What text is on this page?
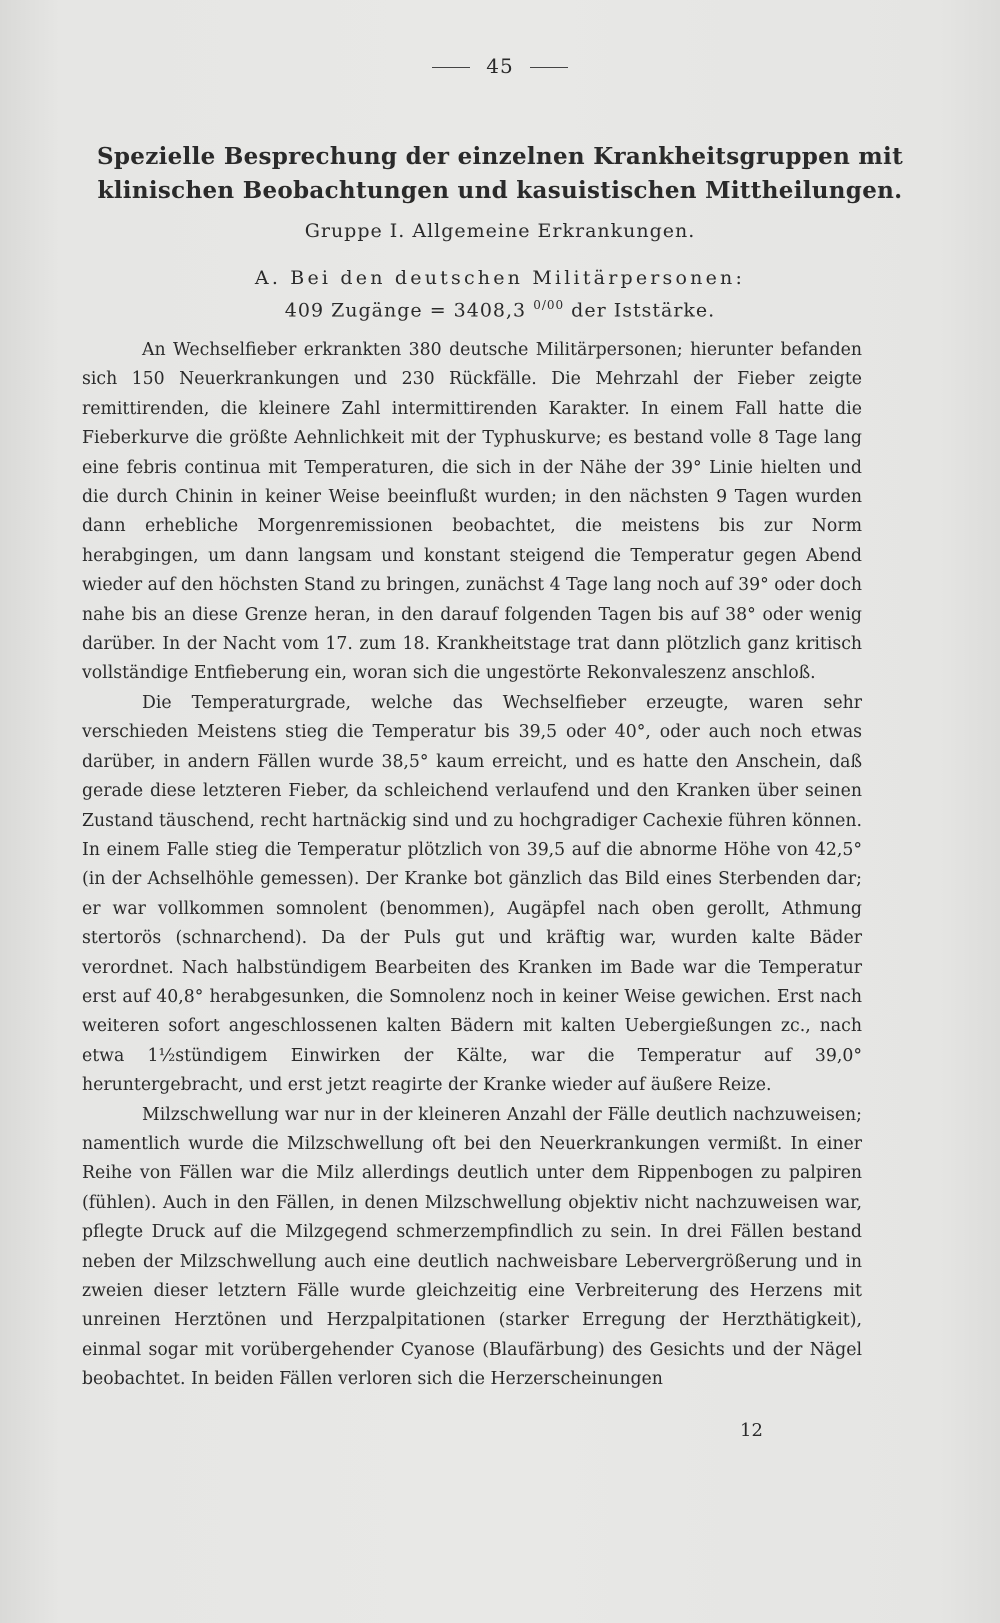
45
Spezielle Besprechung der einzelnen Krankheitsgruppen mit klinischen Beobachtungen und kasuistischen Mittheilungen.
Gruppe I. Allgemeine Erkrankungen.
A. Bei den deutschen Militärpersonen:
409 Zugänge = 3408,3 $^{0/00}$ der Iststärke.

An Wechselfieber erkrankten 380 deutsche Militärpersonen; hierunter befanden sich 150 Neuerkrankungen und 230 Rückfälle. Die Mehrzahl der Fieber zeigte remittirenden, die kleinere Zahl intermittirenden Karakter. In einem Fall hatte die Fieberkurve die größte Aehnlichkeit mit der Typhuskurve; es bestand volle 8 Tage lang eine febris continua mit Temperaturen, die sich in der Nähe der 39° Linie hielten und die durch Chinin in keiner Weise beeinflußt wurden; in den nächsten 9 Tagen wurden dann erhebliche Morgenremissionen beobachtet, die meistens bis zur Norm herabgingen, um dann langsam und konstant steigend die Temperatur gegen Abend wieder auf den höchsten Stand zu bringen, zunächst 4 Tage lang noch auf 39° oder doch nahe bis an diese Grenze heran, in den darauf folgenden Tagen bis auf 38° oder wenig darüber. In der Nacht vom 17. zum 18. Krankheitstage trat dann plötzlich ganz kritisch vollständige Entfieberung ein, woran sich die ungestörte Rekonvaleszenz anschloß.

Die Temperaturgrade, welche das Wechselfieber erzeugte, waren sehr verschieden Meistens stieg die Temperatur bis 39,5 oder 40°, oder auch noch etwas darüber, in andern Fällen wurde 38,5° kaum erreicht, und es hatte den Anschein, daß gerade diese letzteren Fieber, da schleichend verlaufend und den Kranken über seinen Zustand täuschend, recht hartnäckig sind und zu hochgradiger Cachexie führen können. In einem Falle stieg die Temperatur plötzlich von 39,5 auf die abnorme Höhe von 42,5° (in der Achselhöhle gemessen). Der Kranke bot gänzlich das Bild eines Sterbenden dar; er war vollkommen somnolent (benommen), Augäpfel nach oben gerollt, Athmung stertorös (schnarchend). Da der Puls gut und kräftig war, wurden kalte Bäder verordnet. Nach halbstündigem Bearbeiten des Kranken im Bade war die Temperatur erst auf 40,8° herabgesunken, die Somnolenz noch in keiner Weise gewichen. Erst nach weiteren sofort angeschlossenen kalten Bädern mit kalten Uebergießungen zc., nach etwa 1½stündigem Einwirken der Kälte, war die Temperatur auf 39,0° heruntergebracht, und erst jetzt reagirte der Kranke wieder auf äußere Reize.

Milzschwellung war nur in der kleineren Anzahl der Fälle deutlich nachzuweisen; namentlich wurde die Milzschwellung oft bei den Neuerkrankungen vermißt. In einer Reihe von Fällen war die Milz allerdings deutlich unter dem Rippenbogen zu palpiren (fühlen). Auch in den Fällen, in denen Milzschwellung objektiv nicht nachzuweisen war, pflegte Druck auf die Milzgegend schmerzempfindlich zu sein. In drei Fällen bestand neben der Milzschwellung auch eine deutlich nachweisbare Lebervergrößerung und in zweien dieser letztern Fälle wurde gleichzeitig eine Verbreiterung des Herzens mit unreinen Herztönen und Herzpalpitationen (starker Erregung der Herzthätigkeit), einmal sogar mit vorübergehender Cyanose (Blaufärbung) des Gesichts und der Nägel beobachtet. In beiden Fällen verloren sich die Herzerscheinungen

12
